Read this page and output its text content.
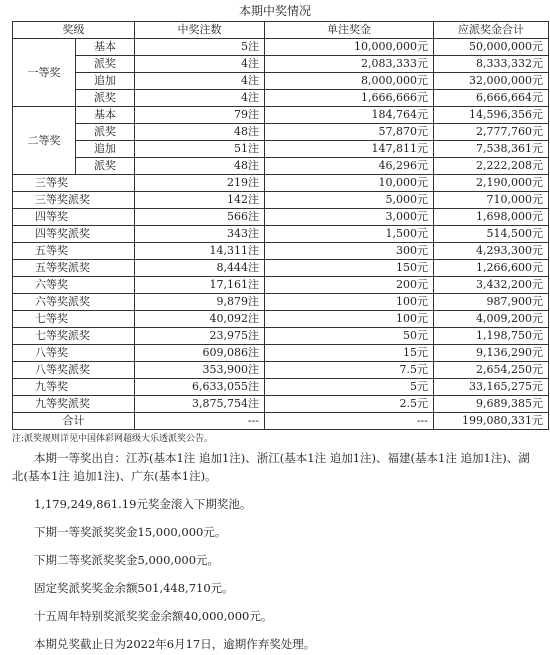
本期中奖情况
奖级		中奖注数	单注奖金	应派奖金合计
一等奖	基本	5注	10,000,000元	50,000,000元
	派奖	4注	2,083,333元	8,333,332元
	追加	4注	8,000,000元	32,000,000元
	派奖	4注	1,666,666元	6,666,664元
二等奖	基本	79注	184,764元	14,596,356元
	派奖	48注	57,870元	2,777,760元
	追加	51注	147,811元	7,538,361元
	派奖	48注	46,296元	2,222,208元
三等奖		219注	10,000元	2,190,000元
三等奖派奖		142注	5,000元	710,000元
四等奖		566注	3,000元	1,698,000元
四等奖派奖		343注	1,500元	514,500元
五等奖		14,311注	300元	4,293,300元
五等奖派奖		8,444注	150元	1,266,600元
六等奖		17,161注	200元	3,432,200元
六等奖派奖		9,879注	100元	987,900元
七等奖		40,092注	100元	4,009,200元
七等奖派奖		23,975注	50元	1,198,750元
八等奖		609,086注	15元	9,136,290元
八等奖派奖		353,900注	7.5元	2,654,250元
九等奖		6,633,055注	5元	33,165,275元
九等奖派奖		3,875,754注	2.5元	9,689,385元
合计		---	---	199,080,331元
注:派奖规则详见中国体彩网超级大乐透派奖公告。
本期一等奖出自：江苏(基本1注 追加1注)、浙江(基本1注 追加1注)、福建(基本1注 追加1注)、湖北(基本1注 追加1注)、广东(基本1注)。
1,179,249,861.19元奖金滚入下期奖池。
下期一等奖派奖奖金15,000,000元。
下期二等奖派奖奖金5,000,000元。
固定奖派奖奖金余额501,448,710元。
十五周年特别奖派奖奖金余额40,000,000元。
本期兑奖截止日为2022年6月17日，逾期作弃奖处理。
